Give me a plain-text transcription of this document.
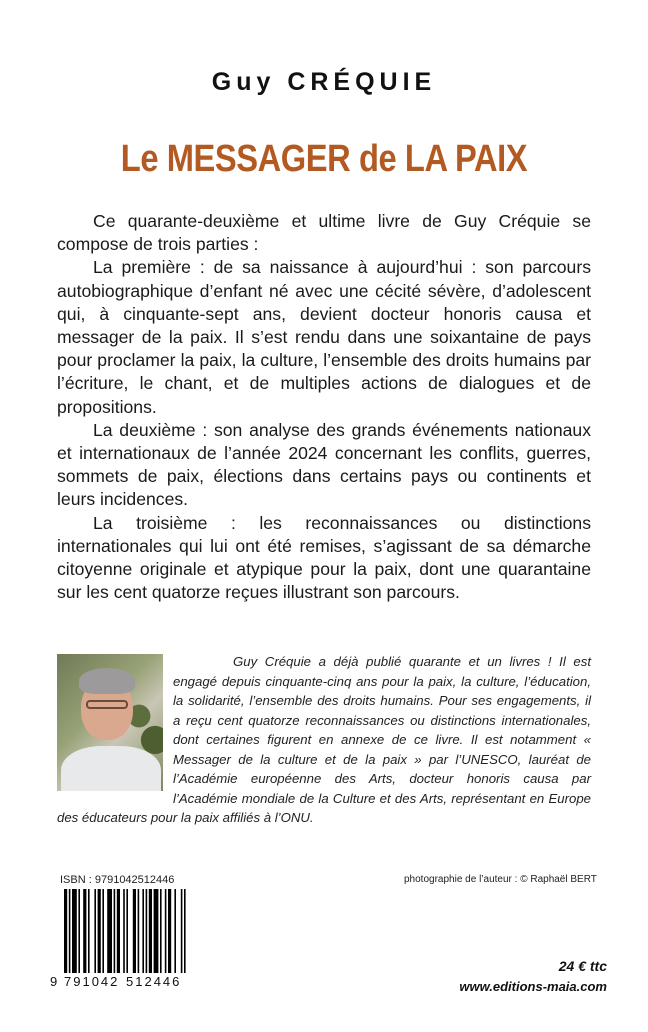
Guy CRÉQUIE
Le MESSAGER de LA PAIX

Ce quarante-deuxième et ultime livre de Guy Créquie se compose de trois parties :

La première : de sa naissance à aujourd’hui : son parcours autobiographique d’enfant né avec une cécité sévère, d’adolescent qui, à cinquante-sept ans, devient docteur honoris causa et messager de la paix. Il s’est rendu dans une soixantaine de pays pour proclamer la paix, la culture, l’ensemble des droits humains par l’écriture, le chant, et de multiples actions de dialogues et de propositions.

La deuxième : son analyse des grands événements nationaux et internationaux de l’année 2024 concernant les conflits, guerres, sommets de paix, élections dans certains pays ou continents et leurs incidences.

La troisième : les reconnaissances ou distinctions internationales qui lui ont été remises, s’agissant de sa démarche citoyenne originale et atypique pour la paix, dont une quarantaine sur les cent quatorze reçues illustrant son parcours.

Guy Créquie a déjà publié quarante et un livres ! Il est engagé depuis cinquante-cinq ans pour la paix, la culture, l’éducation, la solidarité, l’ensemble des droits humains. Pour ses engagements, il a reçu cent quatorze reconnaissances ou distinctions internationales, dont certaines figurent en annexe de ce livre. Il est notamment « Messager de la culture et de la paix » par l’UNESCO, lauréat de l’Académie européenne des Arts, docteur honoris causa par l’Académie mondiale de la Culture et des Arts, représentant en Europe des éducateurs pour la paix affiliés à l’ONU.

ISBN : 9791042512446	photographie de l’auteur : © Raphaël BERT
9 791042 512446
24 € ttc
www.editions-maia.com
